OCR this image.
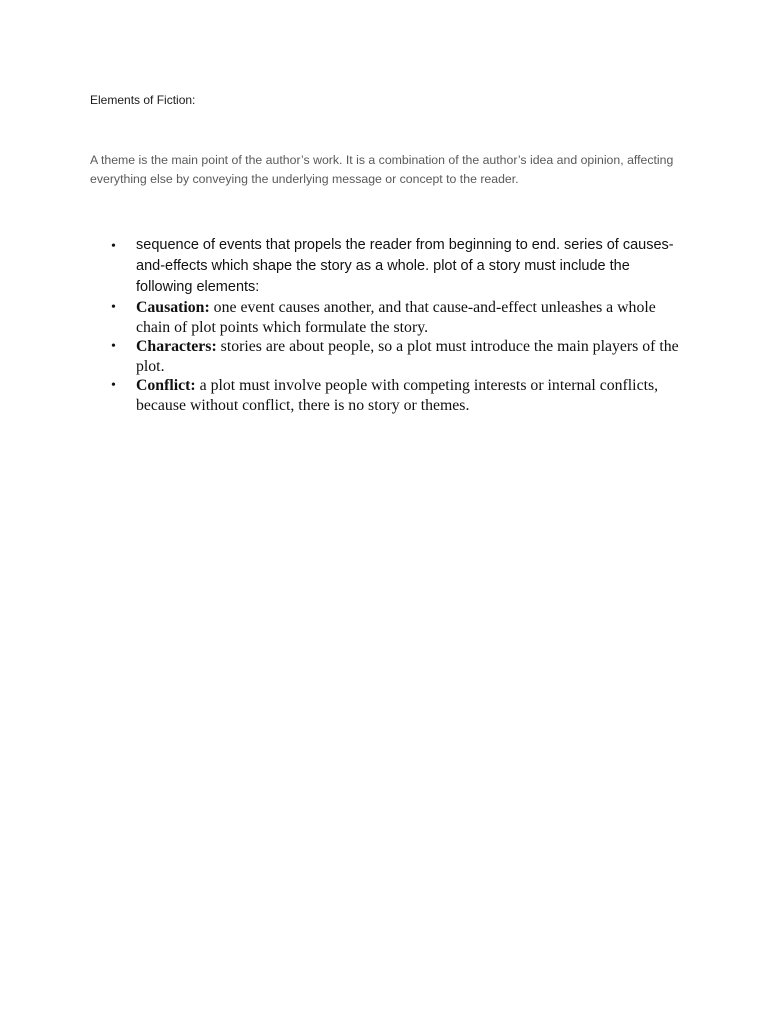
Elements of Fiction:
A theme is the main point of the author’s work. It is a combination of the author’s idea and opinion, affecting everything else by conveying the underlying message or concept to the reader.
• sequence of events that propels the reader from beginning to end. series of causes-and-effects which shape the story as a whole. plot of a story must include the following elements:
• Causation: one event causes another, and that cause-and-effect unleashes a whole chain of plot points which formulate the story.
• Characters: stories are about people, so a plot must introduce the main players of the plot.
• Conflict: a plot must involve people with competing interests or internal conflicts, because without conflict, there is no story or themes.
